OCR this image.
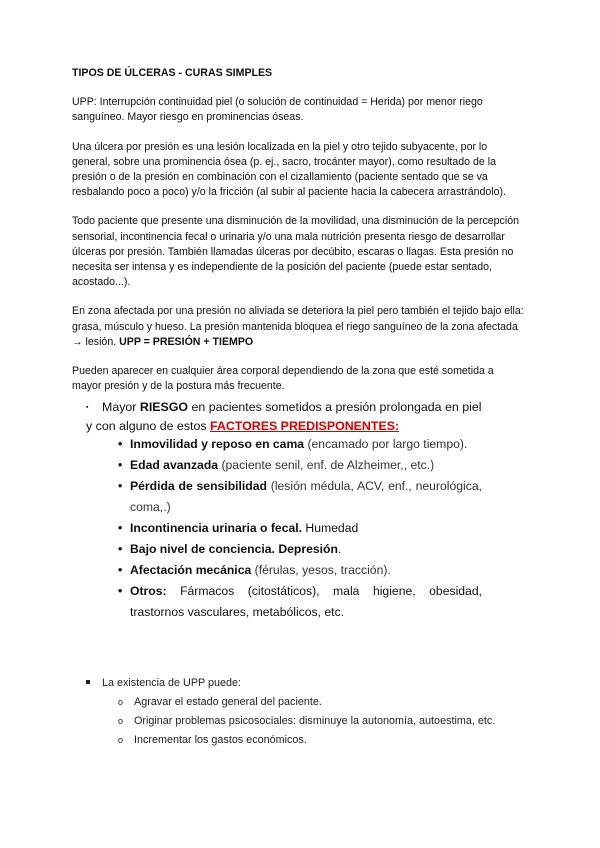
TIPOS DE ÚLCERAS - CURAS SIMPLES

UPP: Interrupción continuidad piel (o solución de continuidad = Herida) por menor riego sanguíneo. Mayor riesgo en prominencias óseas.

Una úlcera por presión es una lesión localizada en la piel y otro tejido subyacente, por lo general, sobre una prominencia ósea (p. ej., sacro, trocánter mayor), como resultado de la presión o de la presión en combinación con el cizallamiento (paciente sentado que se va resbalando poco a poco) y/o la fricción (al subir al paciente hacia la cabecera arrastrándolo).

Todo paciente que presente una disminución de la movilidad, una disminución de la percepción sensorial, incontinencia fecal o urinaria y/o una mala nutrición presenta riesgo de desarrollar úlceras por presión. También llamadas úlceras por decúbito, escaras o llagas. Esta presión no necesita ser intensa y es independiente de la posición del paciente (puede estar sentado, acostado...).

En zona afectada por una presión no aliviada se deteriora la piel pero también el tejido bajo ella: grasa, músculo y hueso. La presión mantenida bloquea el riego sanguíneo de la zona afectada → lesión. UPP = PRESIÓN + TIEMPO

Pueden aparecer en cualquier área corporal dependiendo de la zona que esté sometida a mayor presión y de la postura más frecuente.

▪	Mayor RIESGO en pacientes sometidos a presión prolongada en piel
y con alguno de estos FACTORES PREDISPONENTES:
• Inmovilidad y reposo en cama (encamado por largo tiempo).
• Edad avanzada (paciente senil, enf. de Alzheimer,, etc.)
• Pérdida de sensibilidad (lesión médula, ACV, enf., neurológica, coma,.)
• Incontinencia urinaria o fecal. Humedad
• Bajo nivel de conciencia. Depresión.
• Afectación mecánica (férulas, yesos, tracción).
• Otros: Fármacos (citostáticos), mala higiene, obesidad, trastornos vasculares, metabólicos, etc.
La existencia de UPP puede:
o Agravar el estado general del paciente.
o Originar problemas psicosociales: disminuye la autonomía, autoestima, etc.
o Incrementar los gastos económicos.
